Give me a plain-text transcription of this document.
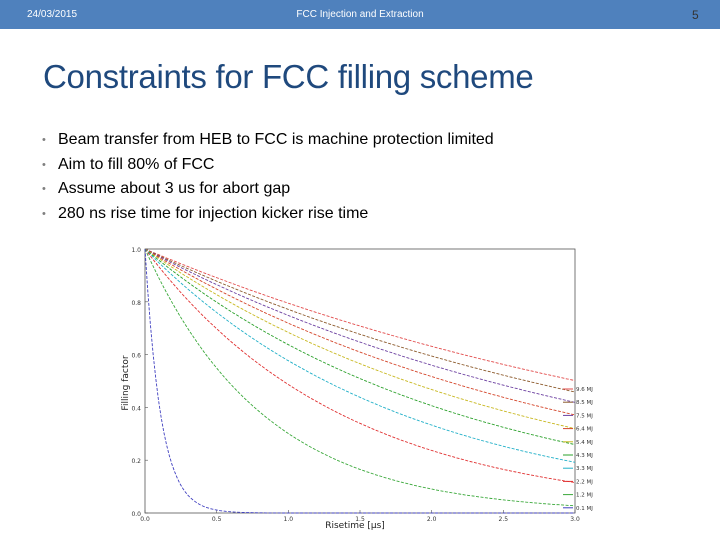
24/03/2015	FCC Injection and Extraction	5
Constraints for FCC filling scheme
• Beam transfer from HEB to FCC is machine protection limited
• Aim to fill 80% of FCC
• Assume about 3 us for abort gap
• 280 ns rise time for injection kicker rise time
0.0
0.2
0.4
0.6
0.8
1.0
0.0	0.5	1.0	1.5	2.0	2.5	3.0
9.6 MJ
8.5 MJ
7.5 MJ
6.4 MJ
5.4 MJ
4.3 MJ
3.3 MJ
2.2 MJ
1.2 MJ
0.1 MJ
Filling factor
Risetime [μs]
